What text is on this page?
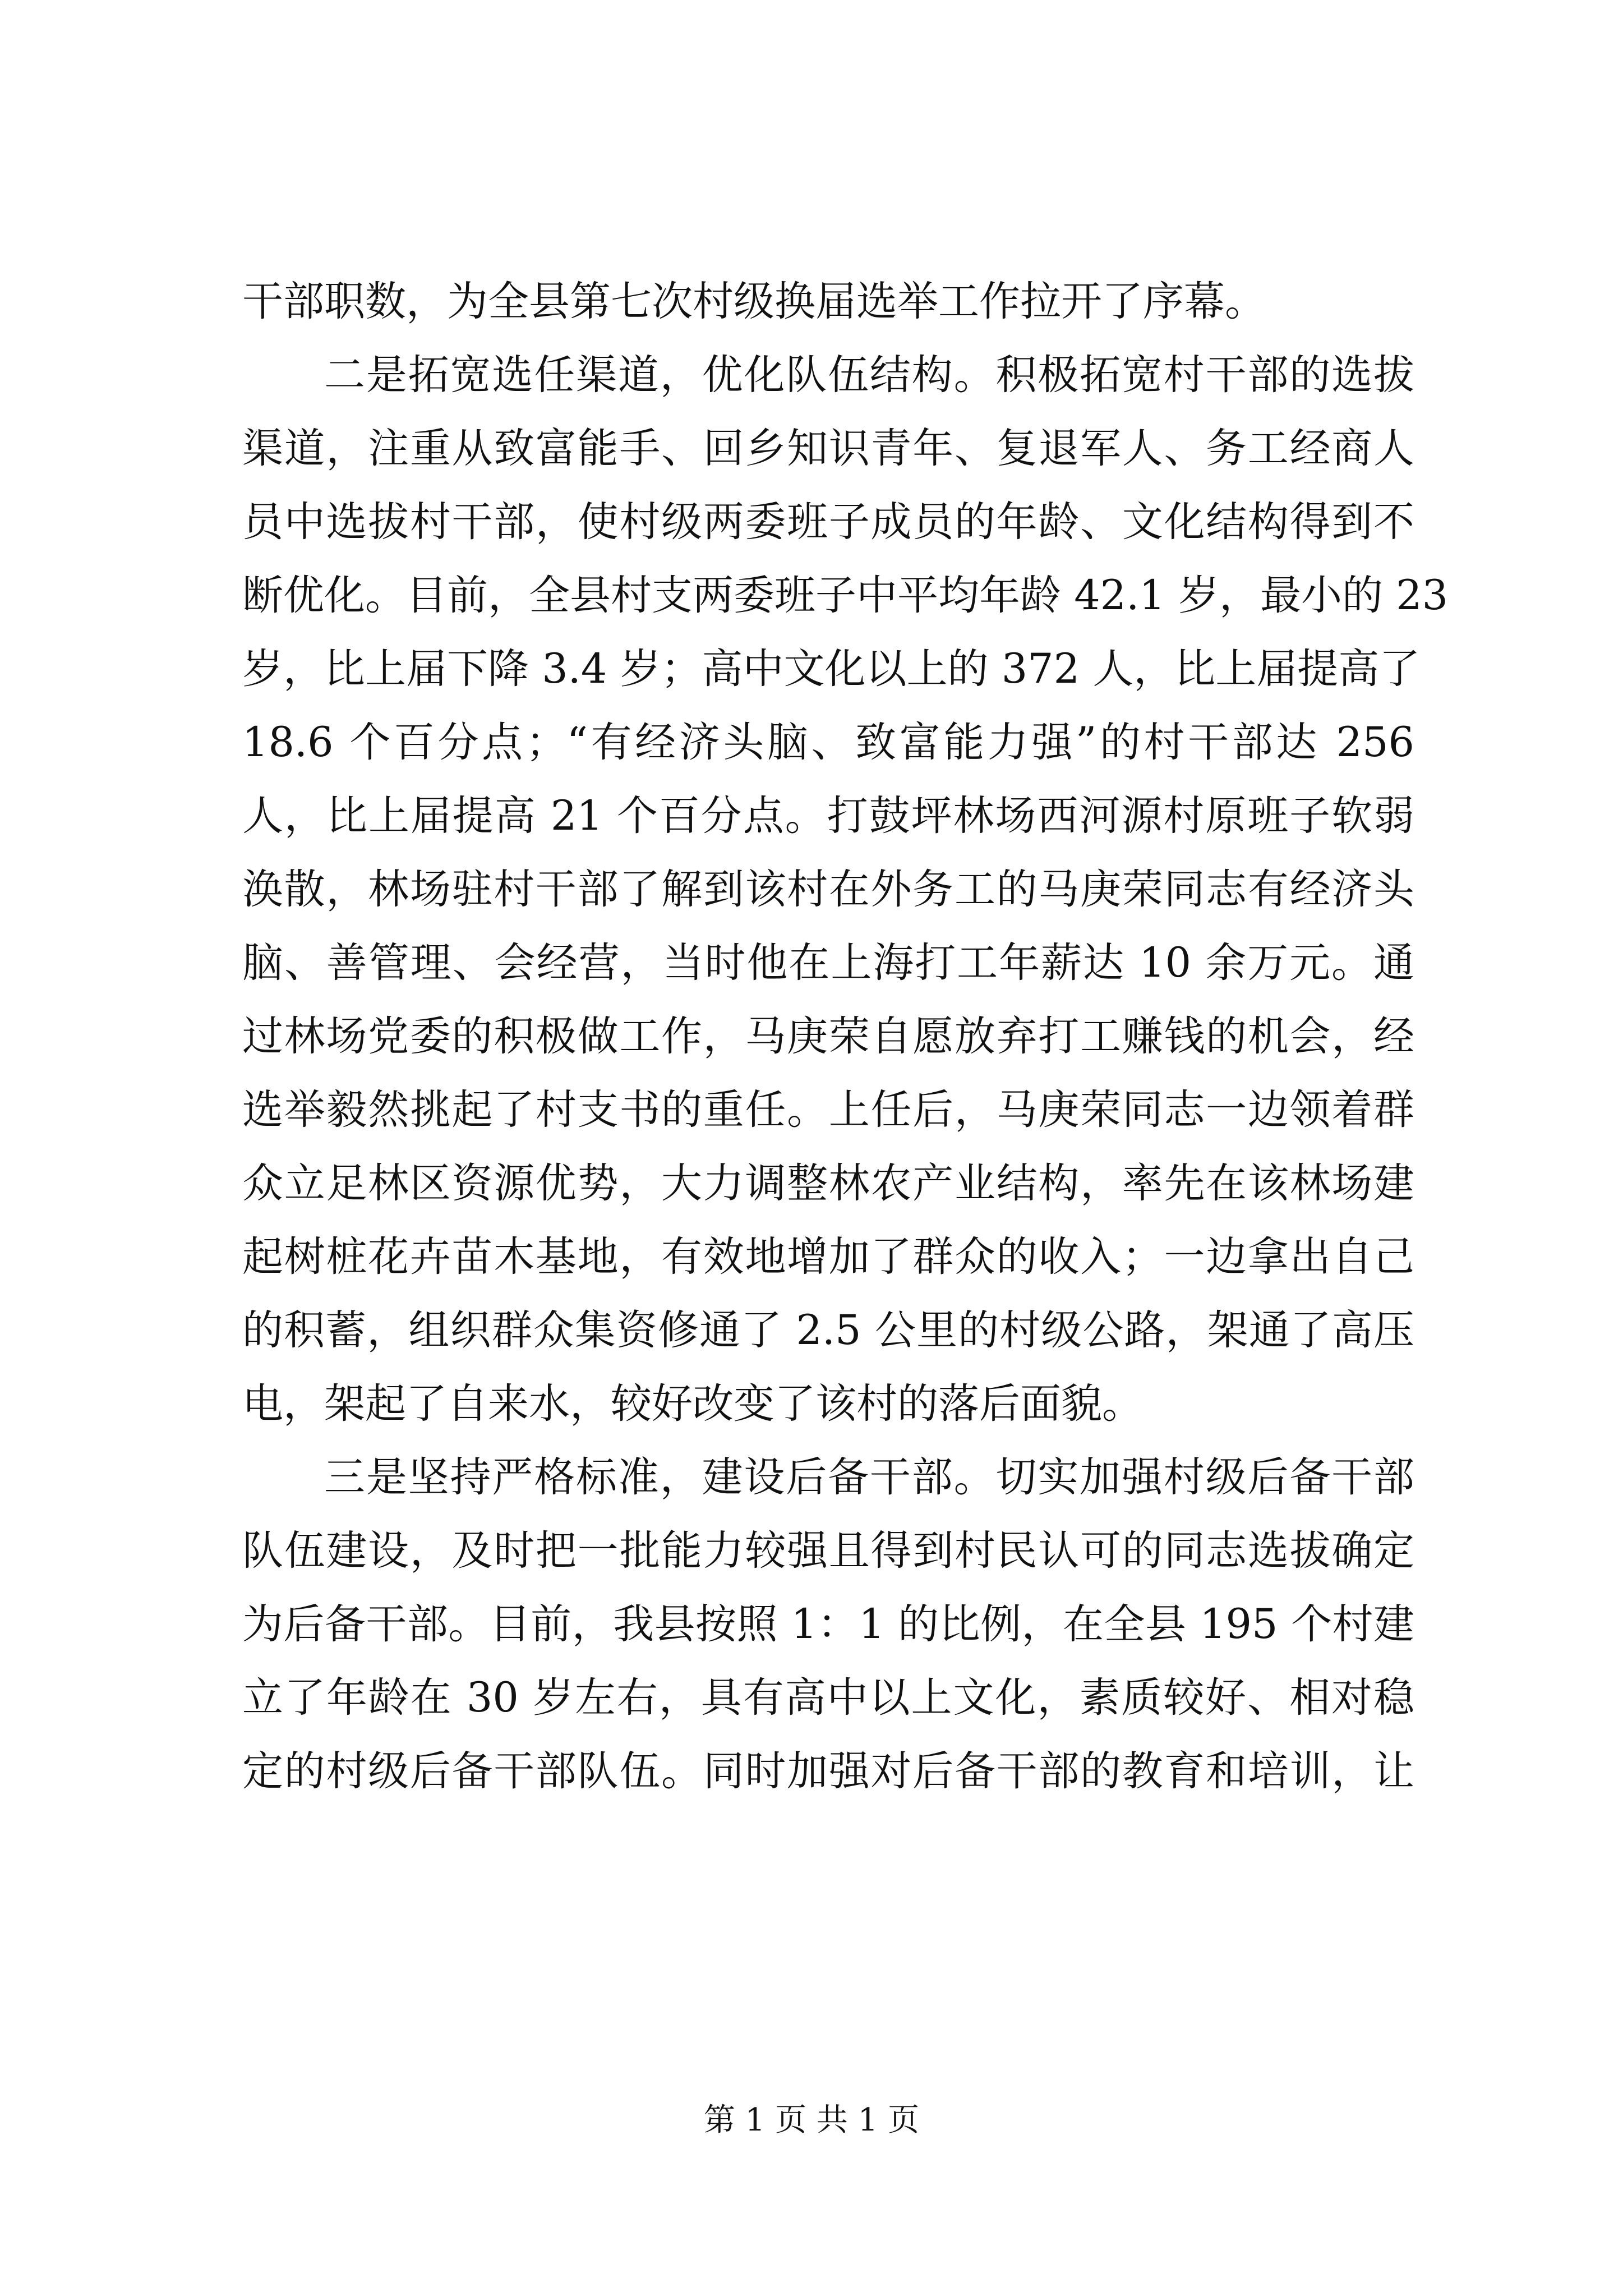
干部职数，为全县第七次村级换届选举工作拉开了序幕。
二是拓宽选任渠道，优化队伍结构。积极拓宽村干部的选拔
渠道，注重从致富能手、回乡知识青年、复退军人、务工经商人
员中选拔村干部，使村级两委班子成员的年龄、文化结构得到不
断优化。目前，全县村支两委班子中平均年龄 42.1 岁，最小的 23
岁，比上届下降 3.4 岁；高中文化以上的 372 人，比上届提高了
18.6 个百分点；“有经济头脑、致富能力强”的村干部达 256
人，比上届提高 21 个百分点。打鼓坪林场西河源村原班子软弱
涣散，林场驻村干部了解到该村在外务工的马庚荣同志有经济头
脑、善管理、会经营，当时他在上海打工年薪达 10 余万元。通
过林场党委的积极做工作，马庚荣自愿放弃打工赚钱的机会，经
选举毅然挑起了村支书的重任。上任后，马庚荣同志一边领着群
众立足林区资源优势，大力调整林农产业结构，率先在该林场建
起树桩花卉苗木基地，有效地增加了群众的收入；一边拿出自己
的积蓄，组织群众集资修通了 2.5 公里的村级公路，架通了高压
电，架起了自来水，较好改变了该村的落后面貌。
三是坚持严格标准，建设后备干部。切实加强村级后备干部
队伍建设，及时把一批能力较强且得到村民认可的同志选拔确定
为后备干部。目前，我县按照 1：1 的比例，在全县 195 个村建
立了年龄在 30 岁左右，具有高中以上文化，素质较好、相对稳
定的村级后备干部队伍。同时加强对后备干部的教育和培训，让
第 1 页 共 1 页
